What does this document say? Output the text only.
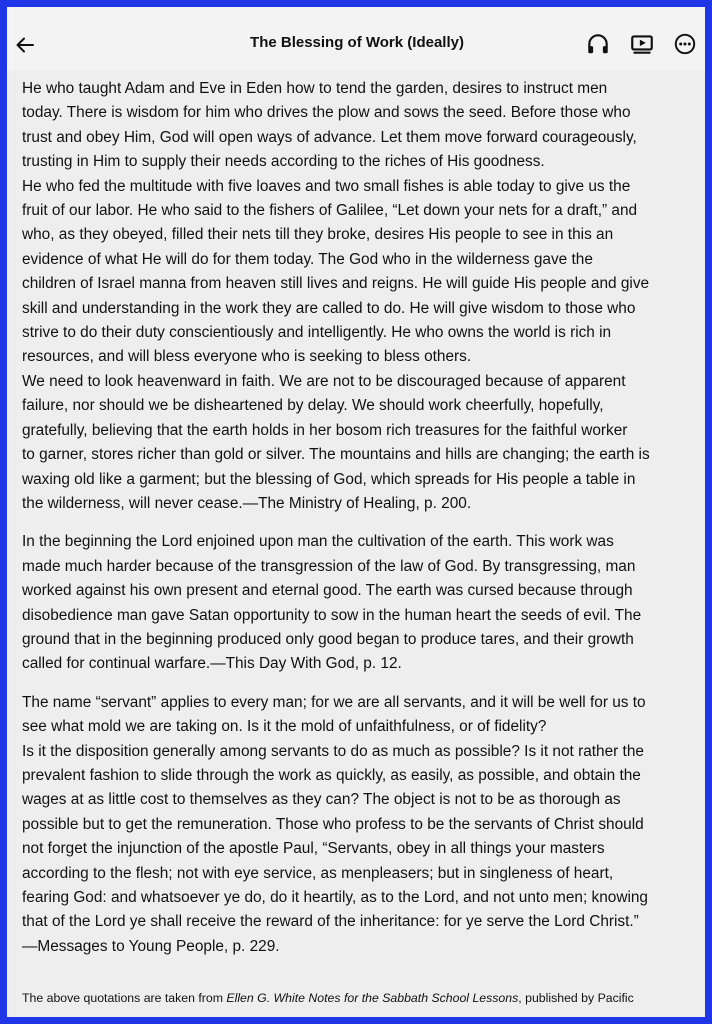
The Blessing of Work (Ideally)

He who taught Adam and Eve in Eden how to tend the garden, desires to instruct men

today. There is wisdom for him who drives the plow and sows the seed. Before those who

trust and obey Him, God will open ways of advance. Let them move forward courageously,

trusting in Him to supply their needs according to the riches of His goodness.

He who fed the multitude with five loaves and two small fishes is able today to give us the

fruit of our labor. He who said to the fishers of Galilee, “Let down your nets for a draft,” and

who, as they obeyed, filled their nets till they broke, desires His people to see in this an

evidence of what He will do for them today. The God who in the wilderness gave the

children of Israel manna from heaven still lives and reigns. He will guide His people and give

skill and understanding in the work they are called to do. He will give wisdom to those who

strive to do their duty conscientiously and intelligently. He who owns the world is rich in

resources, and will bless everyone who is seeking to bless others.

We need to look heavenward in faith. We are not to be discouraged because of apparent

failure, nor should we be disheartened by delay. We should work cheerfully, hopefully,

gratefully, believing that the earth holds in her bosom rich treasures for the faithful worker

to garner, stores richer than gold or silver. The mountains and hills are changing; the earth is

waxing old like a garment; but the blessing of God, which spreads for His people a table in

the wilderness, will never cease.—The Ministry of Healing, p. 200.

In the beginning the Lord enjoined upon man the cultivation of the earth. This work was

made much harder because of the transgression of the law of God. By transgressing, man

worked against his own present and eternal good. The earth was cursed because through

disobedience man gave Satan opportunity to sow in the human heart the seeds of evil. The

ground that in the beginning produced only good began to produce tares, and their growth

called for continual warfare.—This Day With God, p. 12.

The name “servant” applies to every man; for we are all servants, and it will be well for us to

see what mold we are taking on. Is it the mold of unfaithfulness, or of fidelity?

Is it the disposition generally among servants to do as much as possible? Is it not rather the

prevalent fashion to slide through the work as quickly, as easily, as possible, and obtain the

wages at as little cost to themselves as they can? The object is not to be as thorough as

possible but to get the remuneration. Those who profess to be the servants of Christ should

not forget the injunction of the apostle Paul, “Servants, obey in all things your masters

according to the flesh; not with eye service, as menpleasers; but in singleness of heart,

fearing God: and whatsoever ye do, do it heartily, as to the Lord, and not unto men; knowing

that of the Lord ye shall receive the reward of the inheritance: for ye serve the Lord Christ.”

—Messages to Young People, p. 229.

The above quotations are taken from Ellen G. White Notes for the Sabbath School Lessons, published by Pacific
